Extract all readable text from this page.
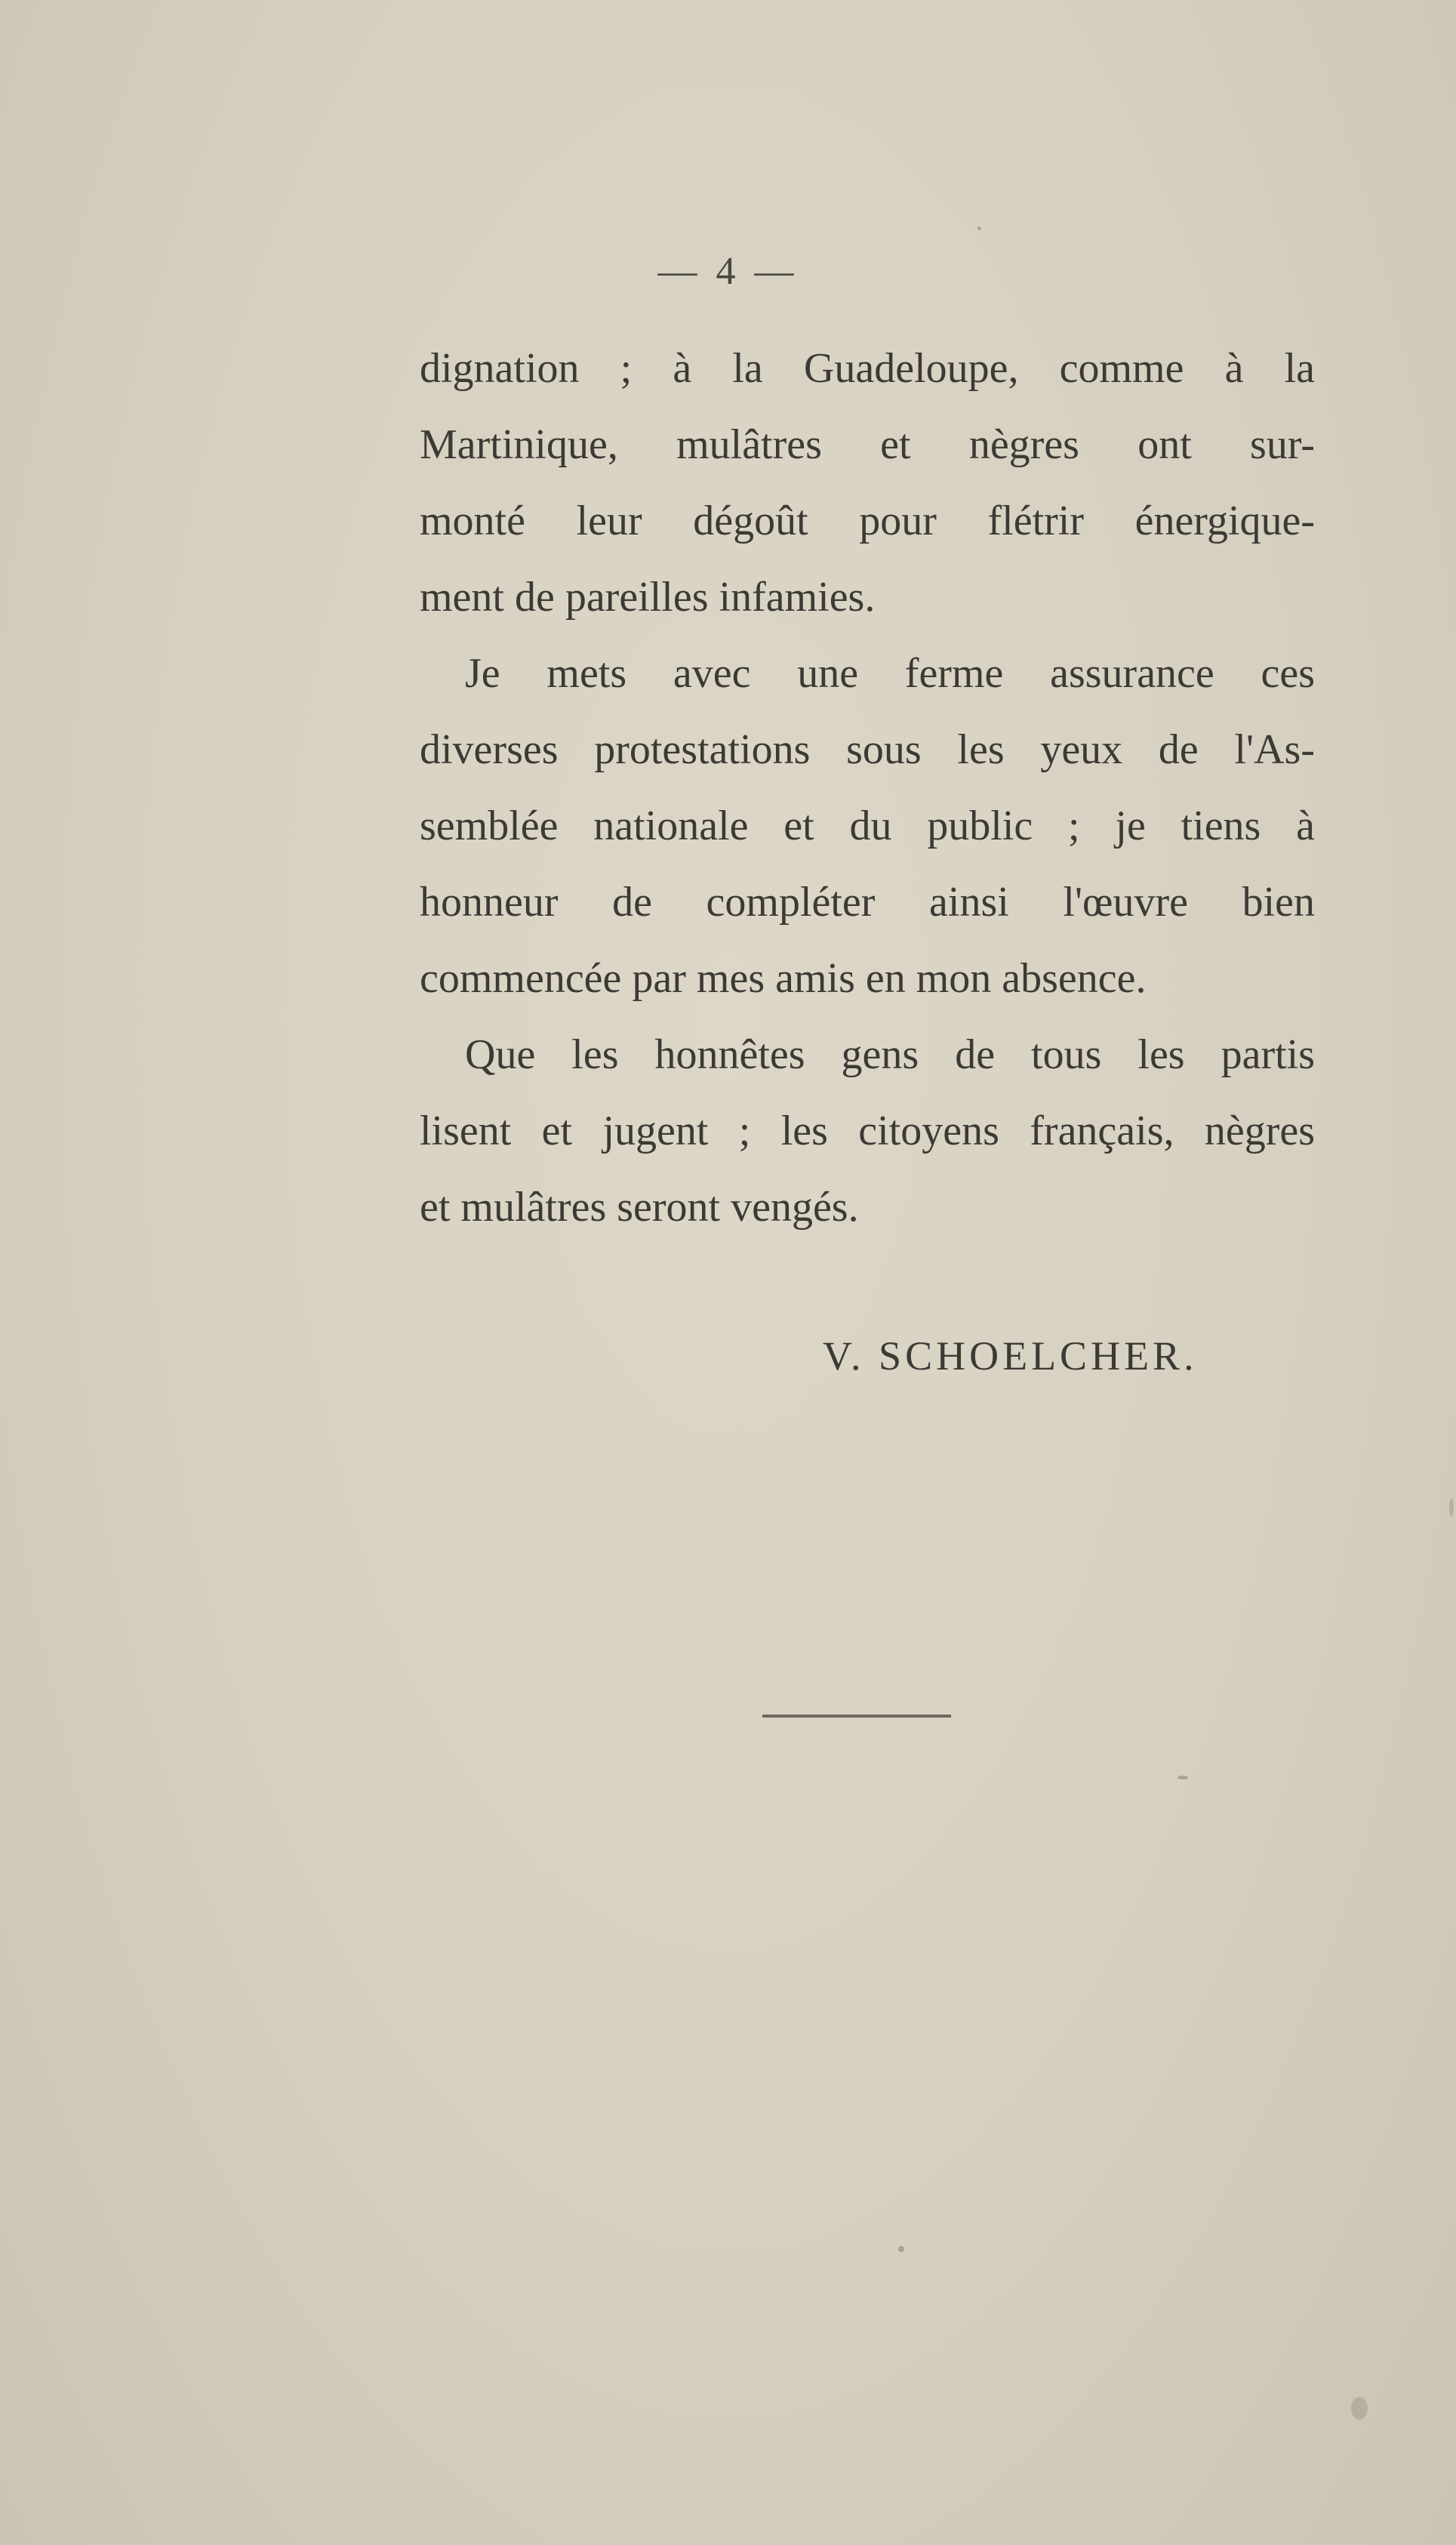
— 4 —
dignation ; à la Guadeloupe, comme à la
Martinique, mulâtres et nègres ont sur-
monté leur dégoût pour flétrir énergique-
ment de pareilles infamies.
Je mets avec une ferme assurance ces
diverses protestations sous les yeux de l'As-
semblée nationale et du public ; je tiens à
honneur de compléter ainsi l'œuvre bien
commencée par mes amis en mon absence.
Que les honnêtes gens de tous les partis
lisent et jugent ; les citoyens français, nègres
et mulâtres seront vengés.
V. SCHOELCHER.
